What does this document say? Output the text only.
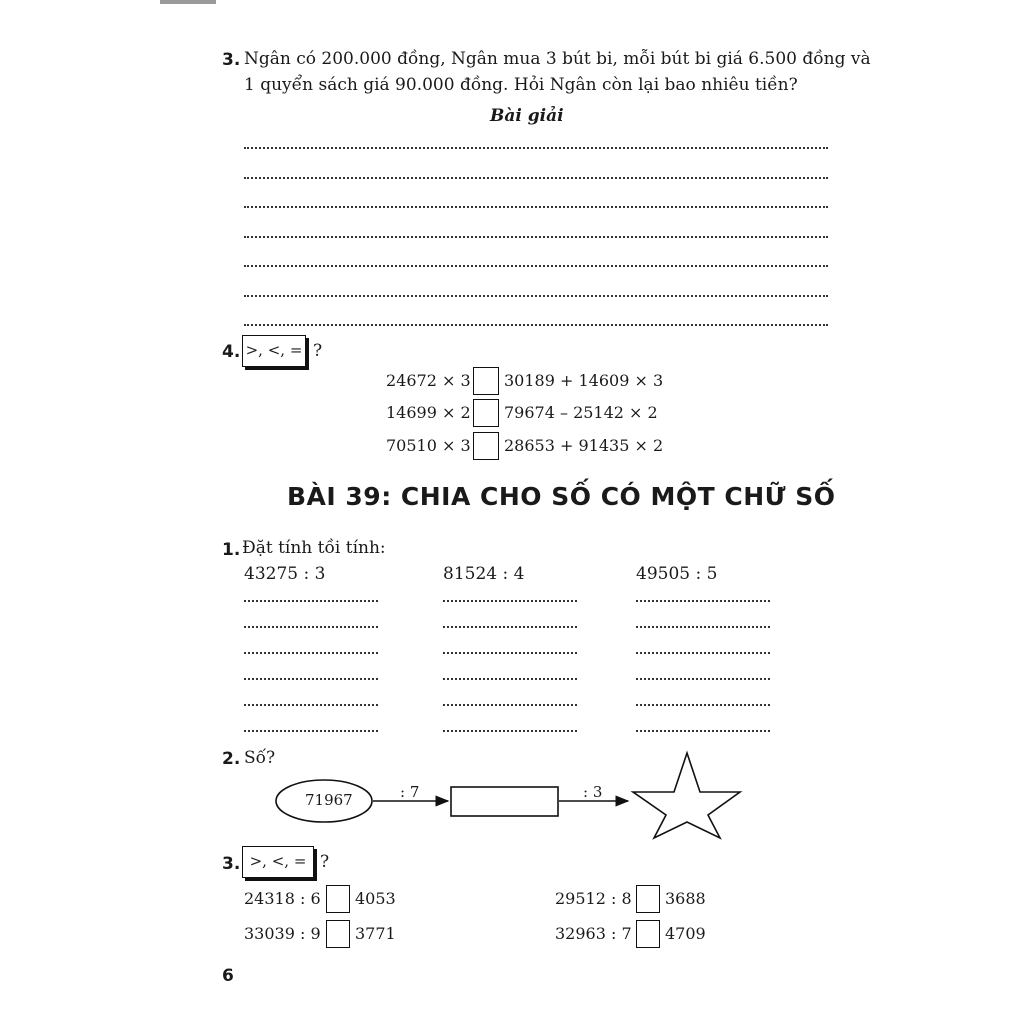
3. Ngân có 200.000 đồng, Ngân mua 3 bút bi, mỗi bút bi giá 6.500 đồng và
1 quyển sách giá 90.000 đồng. Hỏi Ngân còn lại bao nhiêu tiền?
Bài giải
4. >, <, = ?
24672 × 3 30189 + 14609 × 3
14699 × 2 79674 – 25142 × 2
70510 × 3 28653 + 91435 × 2
BÀI 39: CHIA CHO SỐ CÓ MỘT CHỮ SỐ
1. Đặt tính tồi tính:
43275 : 3	81524 : 4	49505 : 5
2. Số?
71967	: 7	: 3
3. >, <, = ?
24318 : 6 4053	29512 : 8 3688
33039 : 9 3771	32963 : 7 4709
6
